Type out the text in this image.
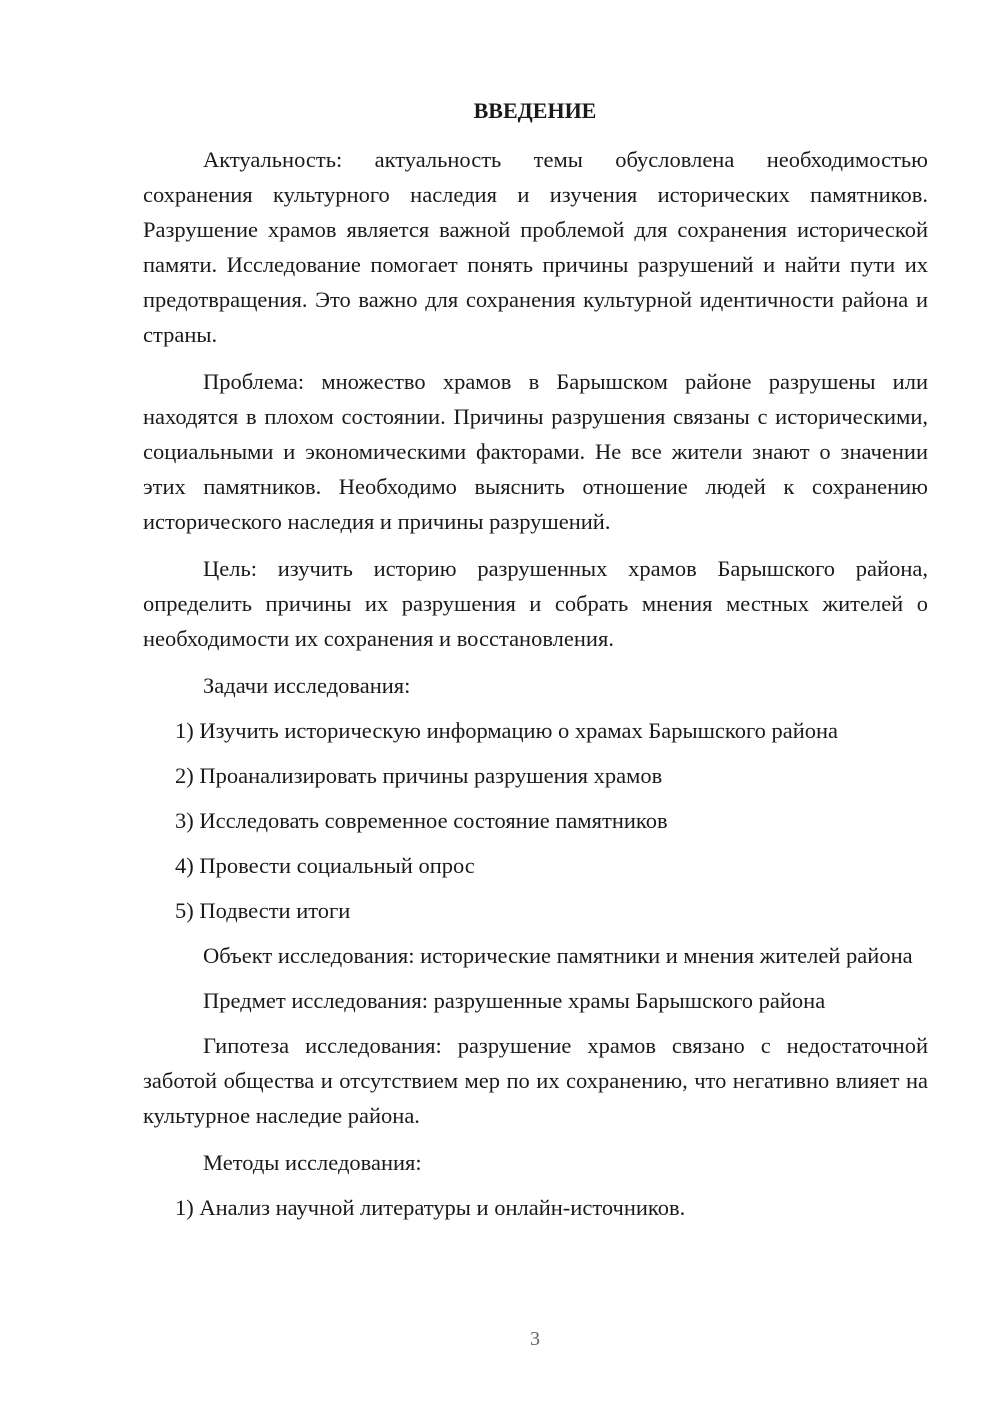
ВВЕДЕНИЕ

Актуальность: актуальность темы обусловлена необходимостью сохранения культурного наследия и изучения исторических памятников. Разрушение храмов является важной проблемой для сохранения исторической памяти. Исследование помогает понять причины разрушений и найти пути их предотвращения. Это важно для сохранения культурной идентичности района и страны.

Проблема: множество храмов в Барышском районе разрушены или находятся в плохом состоянии. Причины разрушения связаны с историческими, социальными и экономическими факторами. Не все жители знают о значении этих памятников. Необходимо выяснить отношение людей к сохранению исторического наследия и причины разрушений.

Цель: изучить историю разрушенных храмов Барышского района, определить причины их разрушения и собрать мнения местных жителей о необходимости их сохранения и восстановления.

Задачи исследования:

1) Изучить историческую информацию о храмах Барышского района
2) Проанализировать причины разрушения храмов
3) Исследовать современное состояние памятников
4) Провести социальный опрос
5) Подвести итоги

Объект исследования: исторические памятники и мнения жителей района

Предмет исследования: разрушенные храмы Барышского района

Гипотеза исследования: разрушение храмов связано с недостаточной заботой общества и отсутствием мер по их сохранению, что негативно влияет на культурное наследие района.

Методы исследования:

1) Анализ научной литературы и онлайн-источников.
3
